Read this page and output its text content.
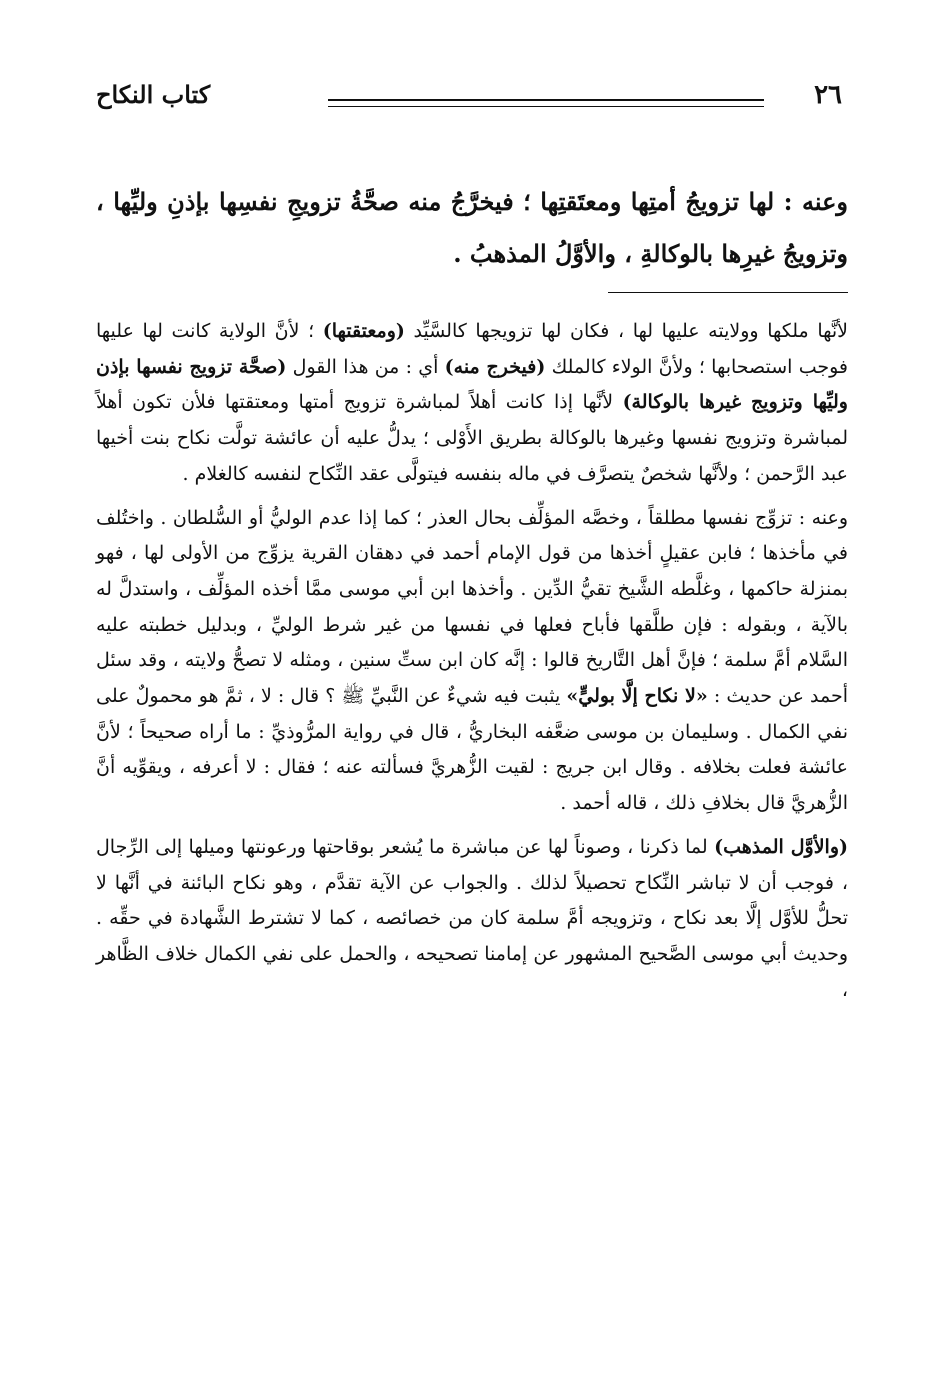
٢٦
كتاب النكاح
وعنه : لها تزويجُ أمتِها ومعتَقتِها ؛ فيخرَّجُ منه صحَّةُ تزويجِ نفسِها بإذنِ وليِّها ، وتزويجُ غيرِها بالوكالةِ ، والأوَّلُ المذهبُ .

لأنَّها ملكها وولايته عليها لها ، فكان لها تزويجها كالسَّيِّد (ومعتقتها) ؛ لأنَّ الولاية كانت لها عليها فوجب استصحابها ؛ ولأنَّ الولاء كالملك (فيخرج منه) أي : من هذا القول (صحَّة تزويج نفسها بإذن وليِّها وتزويج غيرها بالوكالة) لأنَّها إذا كانت أهلاً لمباشرة تزويج أمتها ومعتقتها فلأن تكون أهلاً لمباشرة وتزويج نفسها وغيرها بالوكالة بطريق الأَوْلى ؛ يدلُّ عليه أن عائشة تولَّت نكاح بنت أخيها عبد الرَّحمن ؛ ولأنَّها شخصٌ يتصرَّف في ماله بنفسه فيتولَّى عقد النِّكاح لنفسه كالغلام .

وعنه : تزوِّج نفسها مطلقاً ، وخصَّه المؤلِّف بحال العذر ؛ كما إذا عدم الوليُّ أو السُّلطان . واختُلف في مأخذها ؛ فابن عقيلٍ أخذها من قول الإمام أحمد في دهقان القرية يزوِّج من الأولى لها ، فهو بمنزلة حاكمها ، وغلَّطه الشَّيخ تقيُّ الدِّين . وأخذها ابن أبي موسى ممَّا أخذه المؤلِّف ، واستدلَّ له بالآية ، وبقوله : فإن طلَّقها فأباح فعلها في نفسها من غير شرط الوليِّ ، وبدليل خطبته عليه السَّلام أمَّ سلمة ؛ فإنَّ أهل التَّاريخ قالوا : إنَّه كان ابن ستِّ سنين ، ومثله لا تصحُّ ولايته ، وقد سئل أحمد عن حديث : «لا نكاح إلَّا بوليٍّ» يثبت فيه شيءٌ عن النَّبيِّ ﷺ ؟ قال : لا ، ثمَّ هو محمولٌ على نفي الكمال . وسليمان بن موسى ضعَّفه البخاريُّ ، قال في رواية المرُّوذيِّ : ما أراه صحيحاً ؛ لأنَّ عائشة فعلت بخلافه . وقال ابن جريج : لقيت الزُّهريَّ فسألته عنه ؛ فقال : لا أعرفه ، ويقوِّيه أنَّ الزُّهريَّ قال بخلافِ ذلك ، قاله أحمد .

(والأوَّل المذهب) لما ذكرنا ، وصوناً لها عن مباشرة ما يُشعر بوقاحتها ورعونتها وميلها إلى الرِّجال ، فوجب أن لا تباشر النِّكاح تحصيلاً لذلك . والجواب عن الآية تقدَّم ، وهو نكاح البائنة في أنَّها لا تحلُّ للأوَّل إلَّا بعد نكاح ، وتزويجه أمَّ سلمة كان من خصائصه ، كما لا تشترط الشَّهادة في حقِّه . وحديث أبي موسى الصَّحيح المشهور عن إمامنا تصحيحه ، والحمل على نفي الكمال خلاف الظَّاهر ،
